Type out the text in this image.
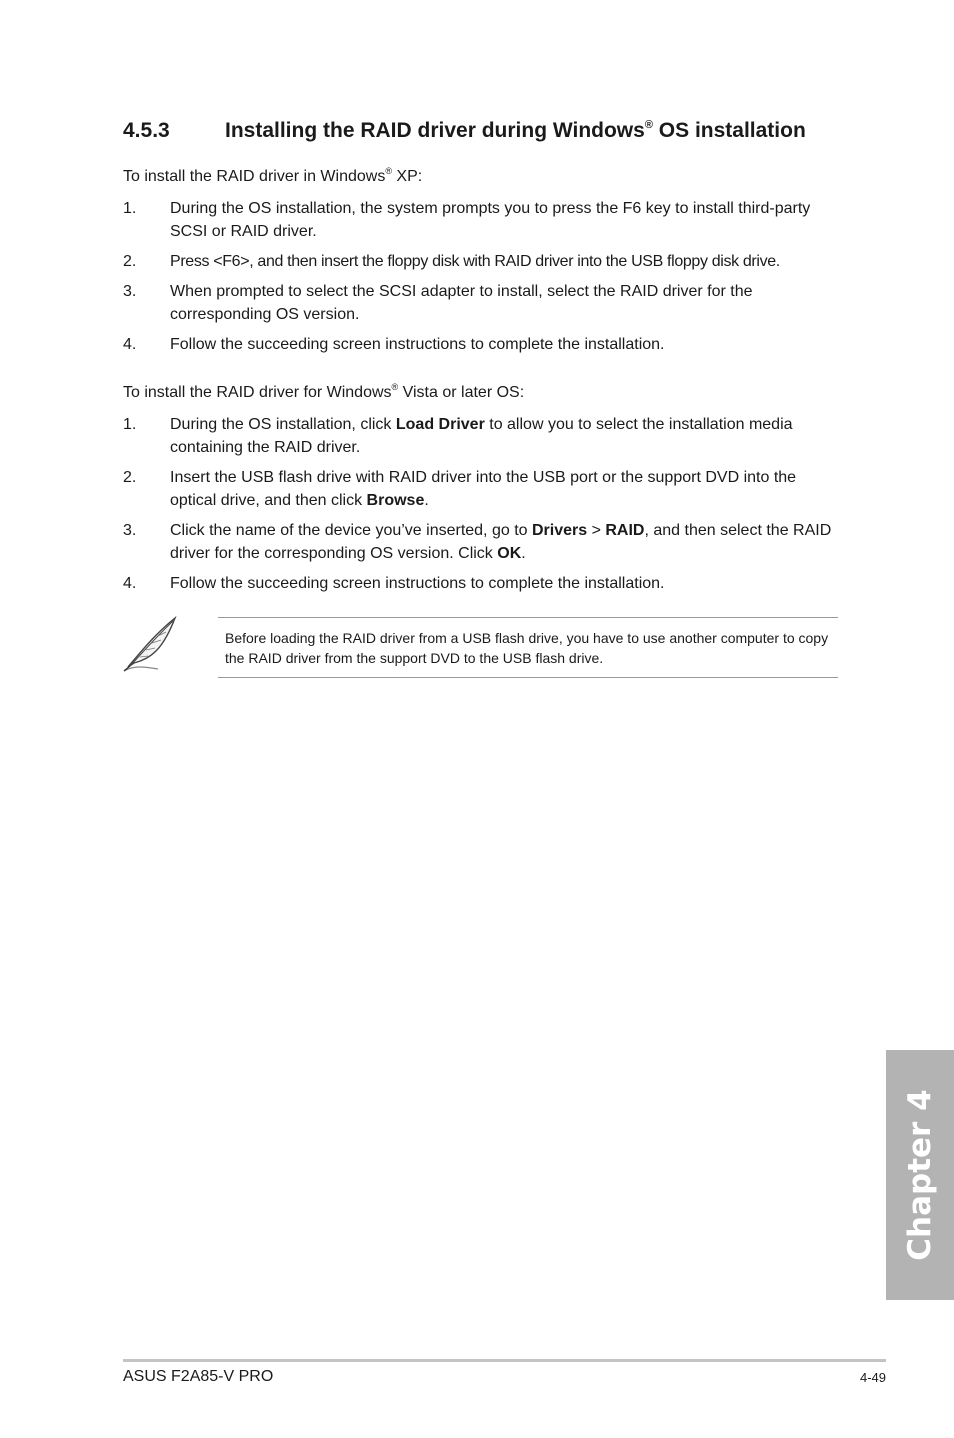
4.5.3	Installing the RAID driver during Windows® OS installation
To install the RAID driver in Windows® XP:
1. During the OS installation, the system prompts you to press the F6 key to install third-party SCSI or RAID driver.
2. Press <F6>, and then insert the floppy disk with RAID driver into the USB floppy disk drive.
3. When prompted to select the SCSI adapter to install, select the RAID driver for the corresponding OS version.
4. Follow the succeeding screen instructions to complete the installation.
To install the RAID driver for Windows® Vista or later OS:
1. During the OS installation, click Load Driver to allow you to select the installation media containing the RAID driver.
2. Insert the USB flash drive with RAID driver into the USB port or the support DVD into the optical drive, and then click Browse.
3. Click the name of the device you’ve inserted, go to Drivers > RAID, and then select the RAID driver for the corresponding OS version. Click OK.
4. Follow the succeeding screen instructions to complete the installation.
Before loading the RAID driver from a USB flash drive, you have to use another computer to copy the RAID driver from the support DVD to the USB flash drive.
Chapter 4
ASUS F2A85-V PRO	4-49
